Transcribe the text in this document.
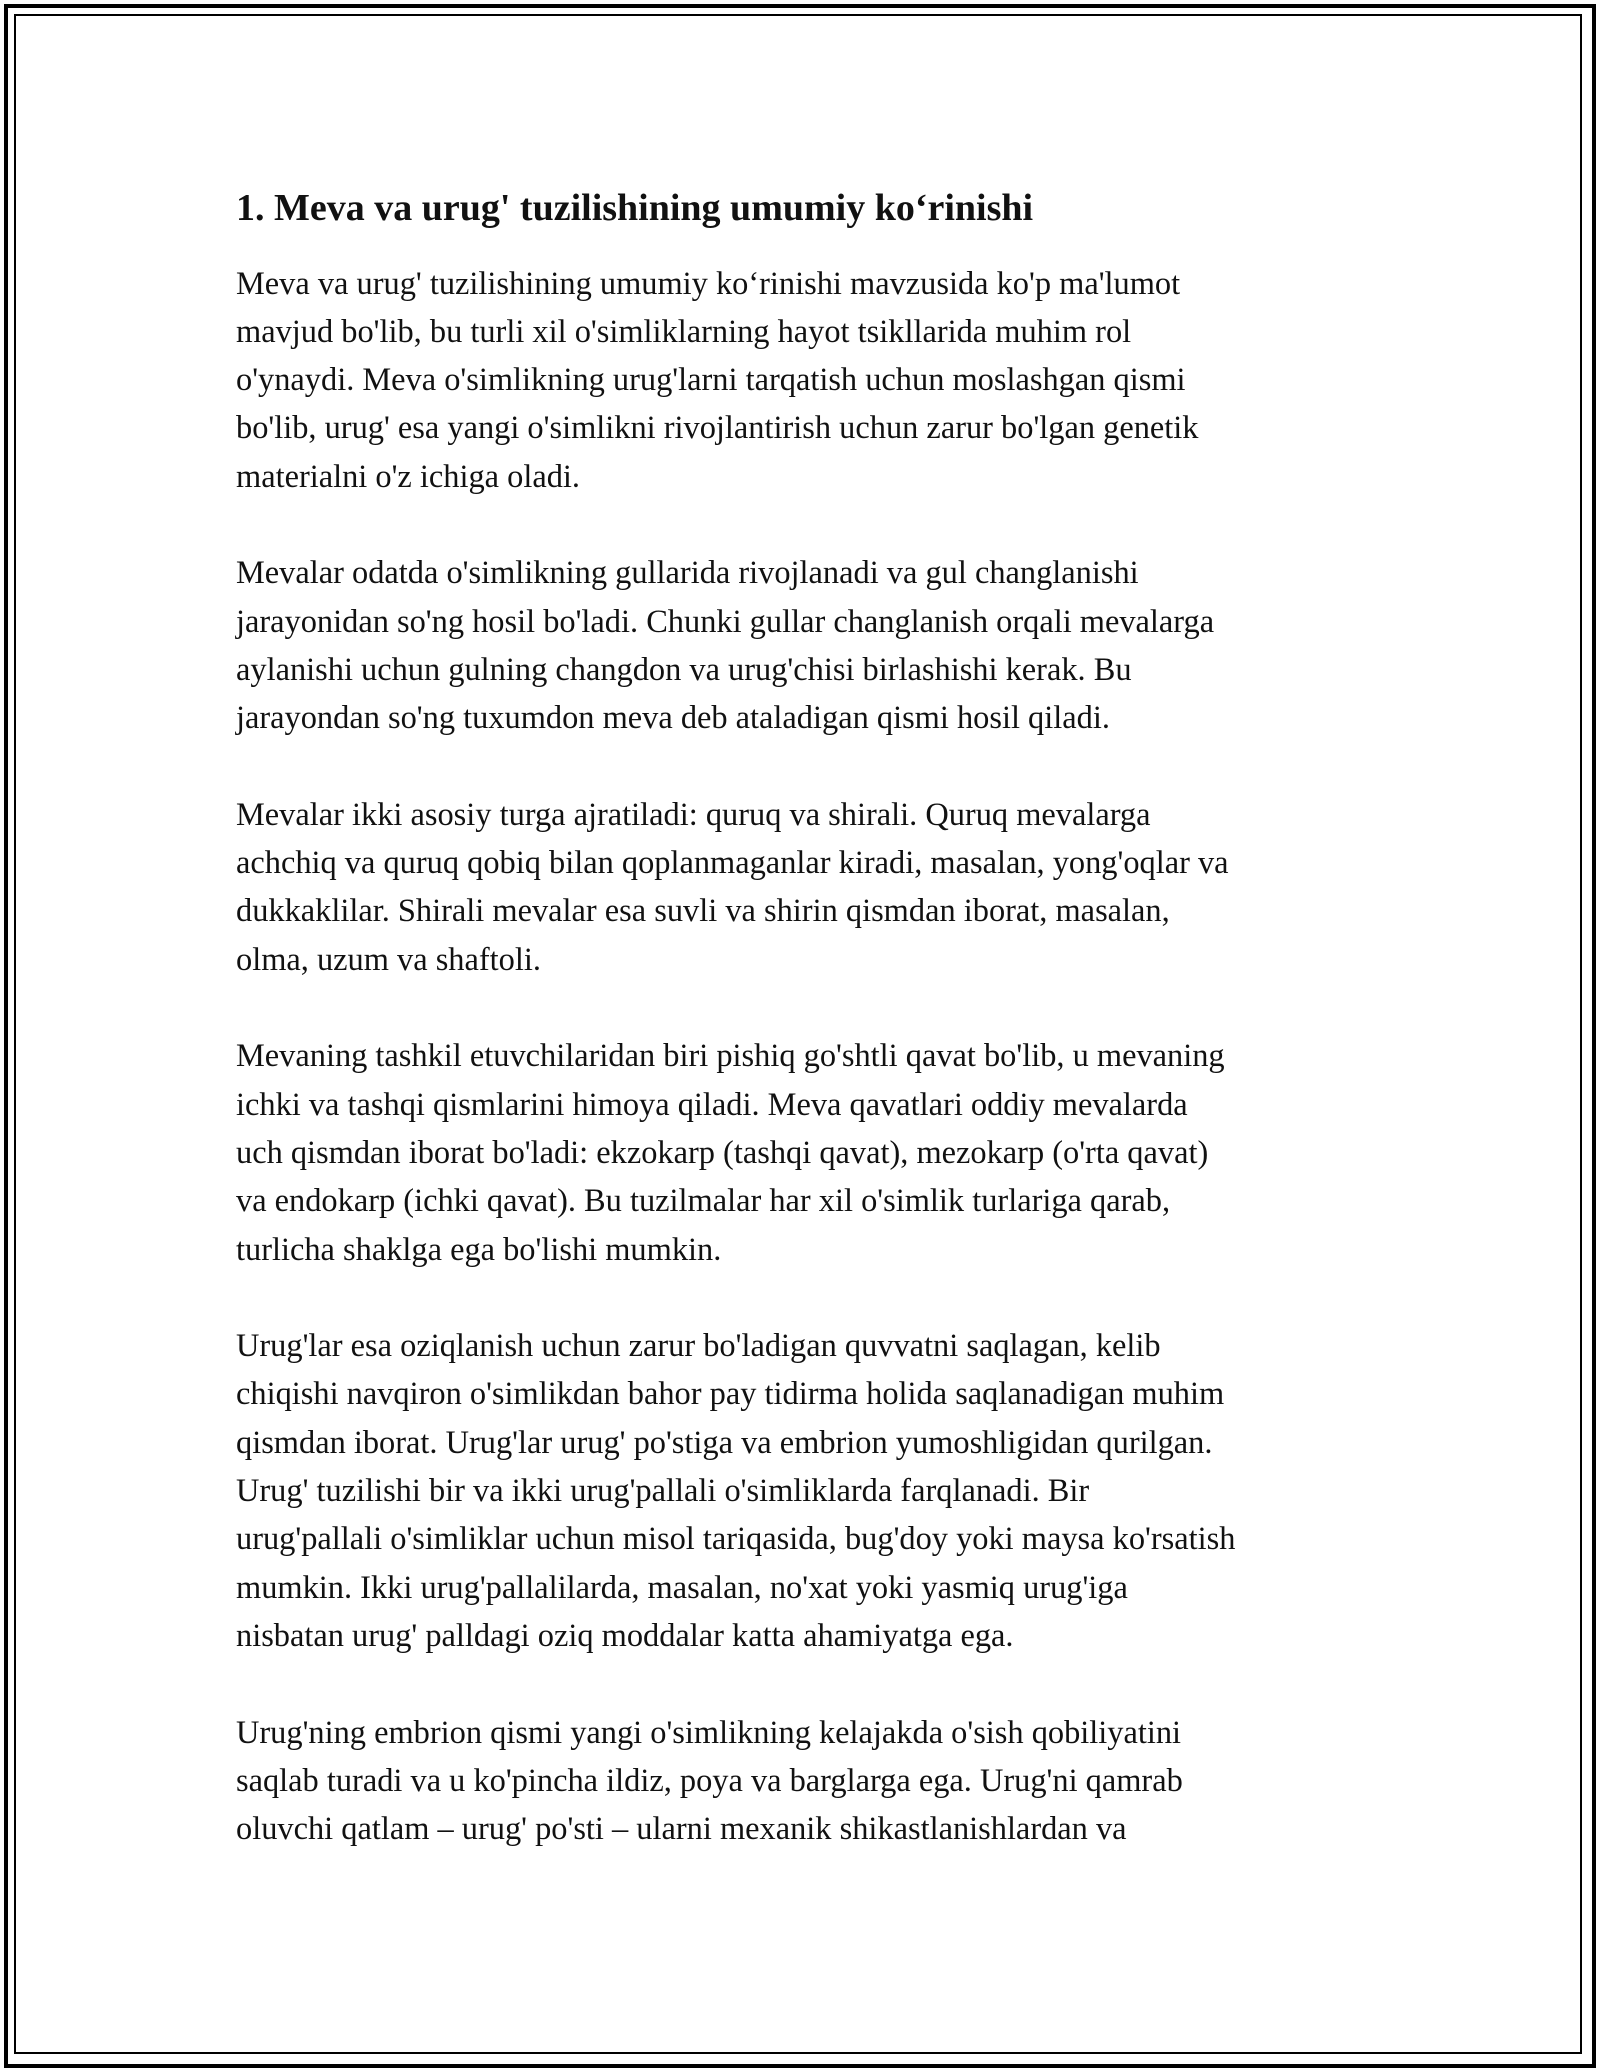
1. Meva va urug' tuzilishining umumiy ko‘rinishi
Meva va urug' tuzilishining umumiy ko‘rinishi mavzusida ko'p ma'lumot
mavjud bo'lib, bu turli xil o'simliklarning hayot tsikllarida muhim rol
o'ynaydi. Meva o'simlikning urug'larni tarqatish uchun moslashgan qismi
bo'lib, urug' esa yangi o'simlikni rivojlantirish uchun zarur bo'lgan genetik
materialni o'z ichiga oladi.
Mevalar odatda o'simlikning gullarida rivojlanadi va gul changlanishi
jarayonidan so'ng hosil bo'ladi. Chunki gullar changlanish orqali mevalarga
aylanishi uchun gulning changdon va urug'chisi birlashishi kerak. Bu
jarayondan so'ng tuxumdon meva deb ataladigan qismi hosil qiladi.
Mevalar ikki asosiy turga ajratiladi: quruq va shirali. Quruq mevalarga
achchiq va quruq qobiq bilan qoplanmaganlar kiradi, masalan, yong'oqlar va
dukkaklilar. Shirali mevalar esa suvli va shirin qismdan iborat, masalan,
olma, uzum va shaftoli.
Mevaning tashkil etuvchilaridan biri pishiq go'shtli qavat bo'lib, u mevaning
ichki va tashqi qismlarini himoya qiladi. Meva qavatlari oddiy mevalarda
uch qismdan iborat bo'ladi: ekzokarp (tashqi qavat), mezokarp (o'rta qavat)
va endokarp (ichki qavat). Bu tuzilmalar har xil o'simlik turlariga qarab,
turlicha shaklga ega bo'lishi mumkin.
Urug'lar esa oziqlanish uchun zarur bo'ladigan quvvatni saqlagan, kelib
chiqishi navqiron o'simlikdan bahor pay tidirma holida saqlanadigan muhim
qismdan iborat. Urug'lar urug' po'stiga va embrion yumoshligidan qurilgan.
Urug' tuzilishi bir va ikki urug'pallali o'simliklarda farqlanadi. Bir
urug'pallali o'simliklar uchun misol tariqasida, bug'doy yoki maysa ko'rsatish
mumkin. Ikki urug'pallalilarda, masalan, no'xat yoki yasmiq urug'iga
nisbatan urug' palldagi oziq moddalar katta ahamiyatga ega.
Urug'ning embrion qismi yangi o'simlikning kelajakda o'sish qobiliyatini
saqlab turadi va u ko'pincha ildiz, poya va barglarga ega. Urug'ni qamrab
oluvchi qatlam – urug' po'sti – ularni mexanik shikastlanishlardan va
